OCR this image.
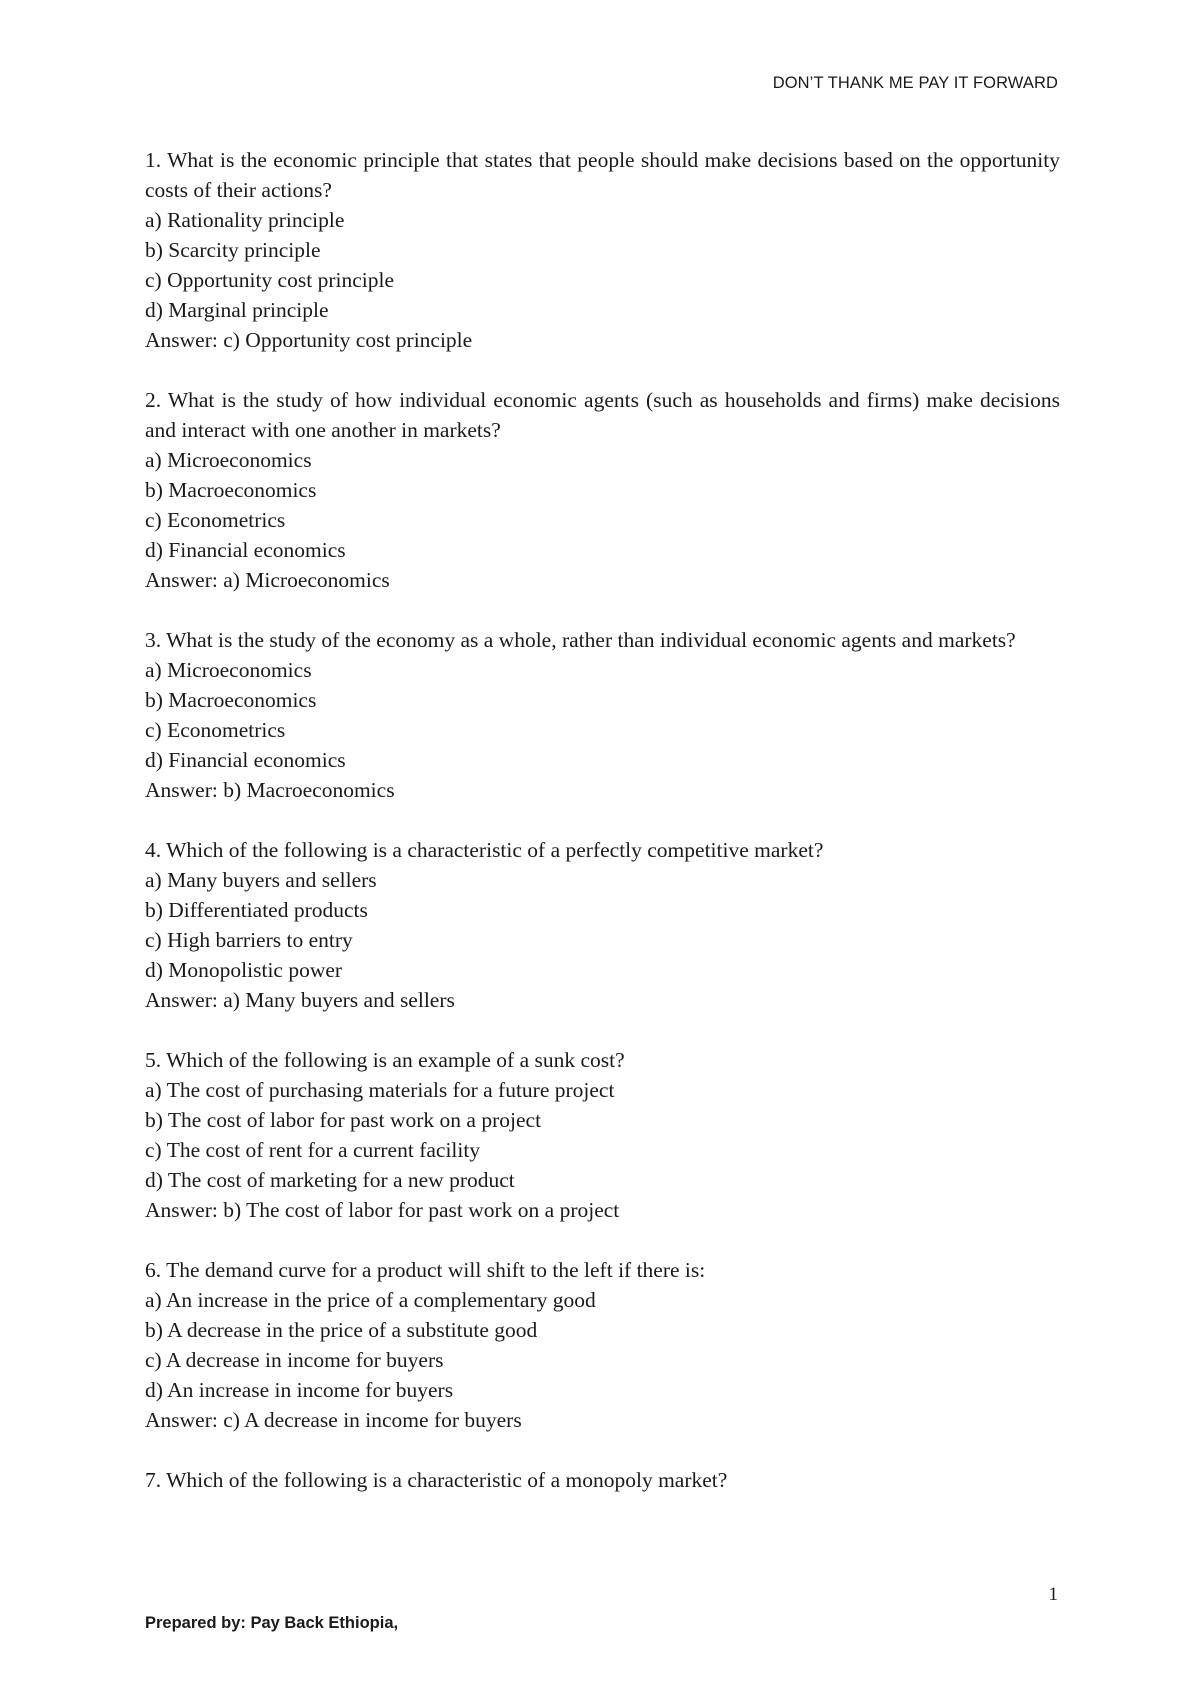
DON’T THANK ME PAY IT FORWARD
1. What is the economic principle that states that people should make decisions based on the opportunity costs of their actions?
a) Rationality principle
b) Scarcity principle
c) Opportunity cost principle
d) Marginal principle
Answer: c) Opportunity cost principle
2. What is the study of how individual economic agents (such as households and firms) make decisions and interact with one another in markets?
a) Microeconomics
b) Macroeconomics
c) Econometrics
d) Financial economics
Answer: a) Microeconomics
3. What is the study of the economy as a whole, rather than individual economic agents and markets?
a) Microeconomics
b) Macroeconomics
c) Econometrics
d) Financial economics
Answer: b) Macroeconomics
4. Which of the following is a characteristic of a perfectly competitive market?
a) Many buyers and sellers
b) Differentiated products
c) High barriers to entry
d) Monopolistic power
Answer: a) Many buyers and sellers
5. Which of the following is an example of a sunk cost?
a) The cost of purchasing materials for a future project
b) The cost of labor for past work on a project
c) The cost of rent for a current facility
d) The cost of marketing for a new product
Answer: b) The cost of labor for past work on a project
6. The demand curve for a product will shift to the left if there is:
a) An increase in the price of a complementary good
b) A decrease in the price of a substitute good
c) A decrease in income for buyers
d) An increase in income for buyers
Answer: c) A decrease in income for buyers
7. Which of the following is a characteristic of a monopoly market?
1
Prepared by: Pay Back Ethiopia,
